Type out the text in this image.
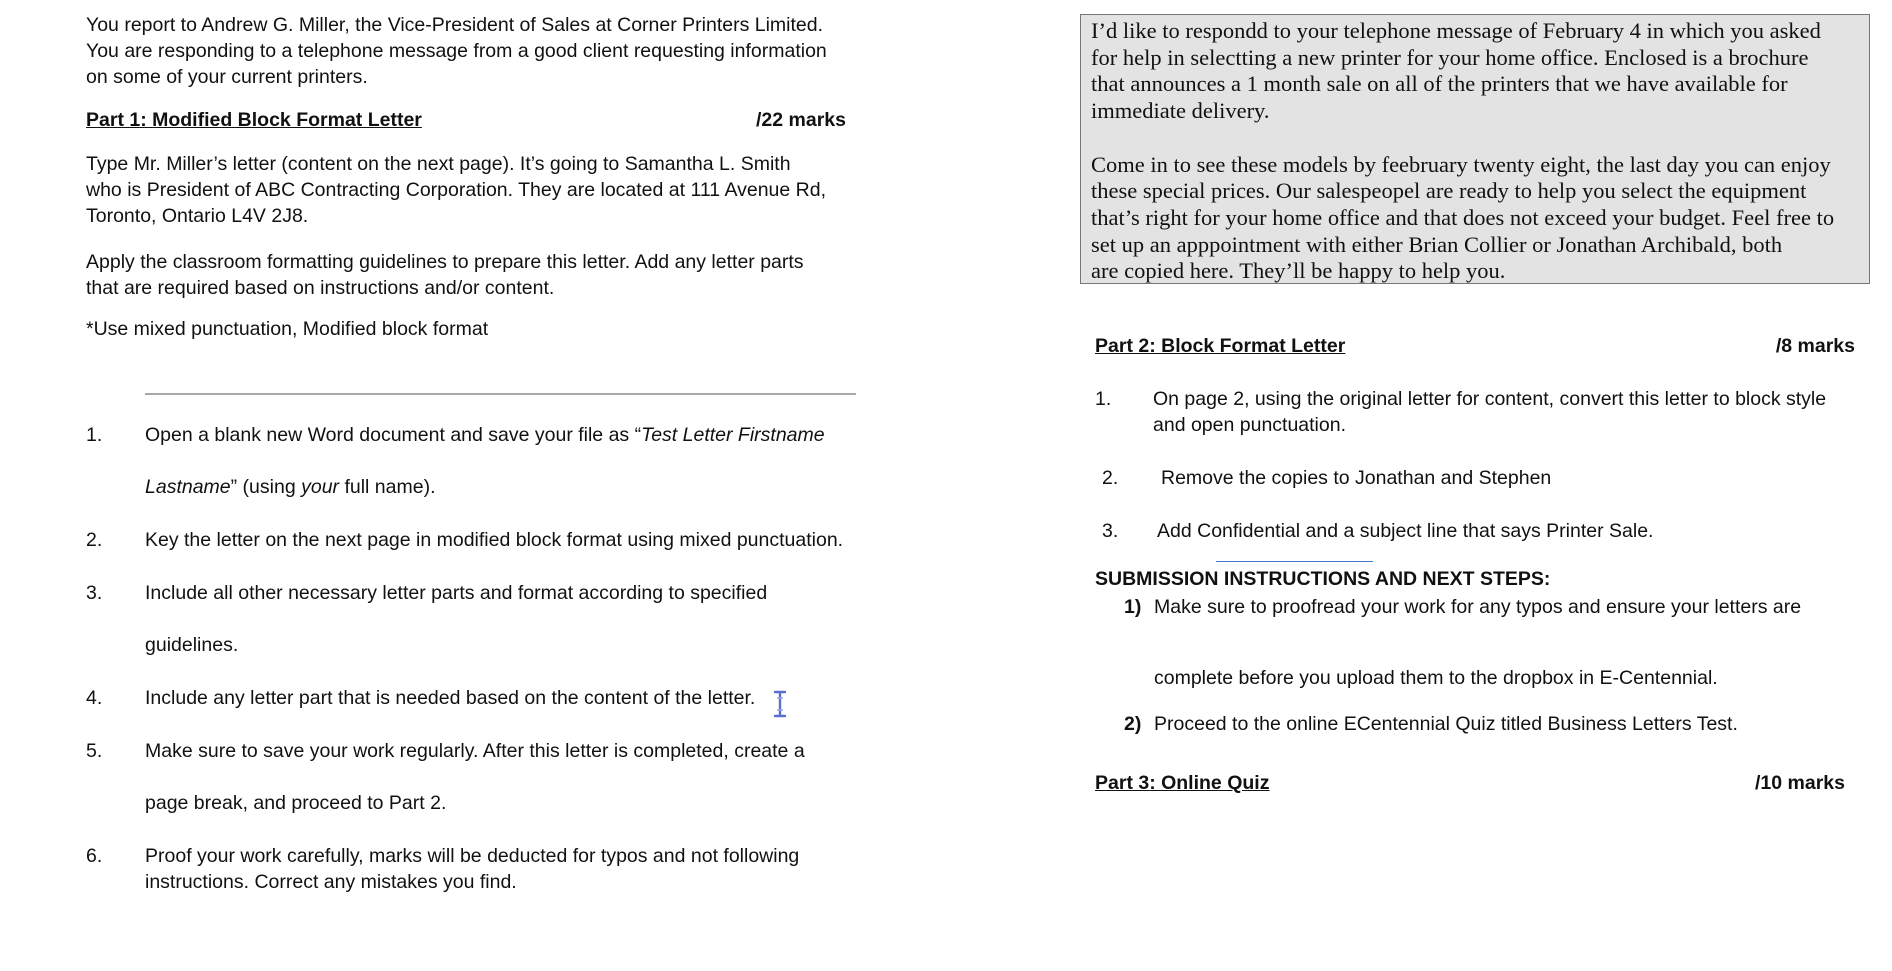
You report to Andrew G. Miller, the Vice-President of Sales at Corner Printers Limited.

You are responding to a telephone message from a good client requesting information

on some of your current printers.

Part 1: Modified Block Format Letter	/22 marks

Type Mr. Miller’s letter (content on the next page). It’s going to Samantha L. Smith

who is President of ABC Contracting Corporation. They are located at 111 Avenue Rd,

Toronto, Ontario L4V 2J8.

Apply the classroom formatting guidelines to prepare this letter. Add any letter parts

that are required based on instructions and/or content.

*Use mixed punctuation, Modified block format

1. Open a blank new Word document and save your file as “Test Letter Firstname
Lastname” (using your full name).
2. Key the letter on the next page in modified block format using mixed punctuation.
3. Include all other necessary letter parts and format according to specified
guidelines.
4. Include any letter part that is needed based on the content of the letter.
5. Make sure to save your work regularly. After this letter is completed, create a
page break, and proceed to Part 2.
6. Proof your work carefully, marks will be deducted for typos and not following
instructions. Correct any mistakes you find.

I’d like to respondd to your telephone message of February 4 in which you asked

for help in selectting a new printer for your home office. Enclosed is a brochure

that announces a 1 month sale on all of the printers that we have available for

immediate delivery.

Come in to see these models by feebruary twenty eight, the last day you can enjoy

these special prices. Our salespeopel are ready to help you select the equipment

that’s right for your home office and that does not exceed your budget. Feel free to

set up an apppointment with either Brian Collier or Jonathan Archibald, both

are copied here. They’ll be happy to help you.

Part 2: Block Format Letter	/8 marks
1. On page 2, using the original letter for content, convert this letter to block style
and open punctuation.
2. Remove the copies to Jonathan and Stephen
3. Add Confidential and a subject line that says Printer Sale.
SUBMISSION INSTRUCTIONS AND NEXT STEPS:
1) Make sure to proofread your work for any typos and ensure your letters are
complete before you upload them to the dropbox in E-Centennial.
2) Proceed to the online ECentennial Quiz titled Business Letters Test.
Part 3: Online Quiz	/10 marks
